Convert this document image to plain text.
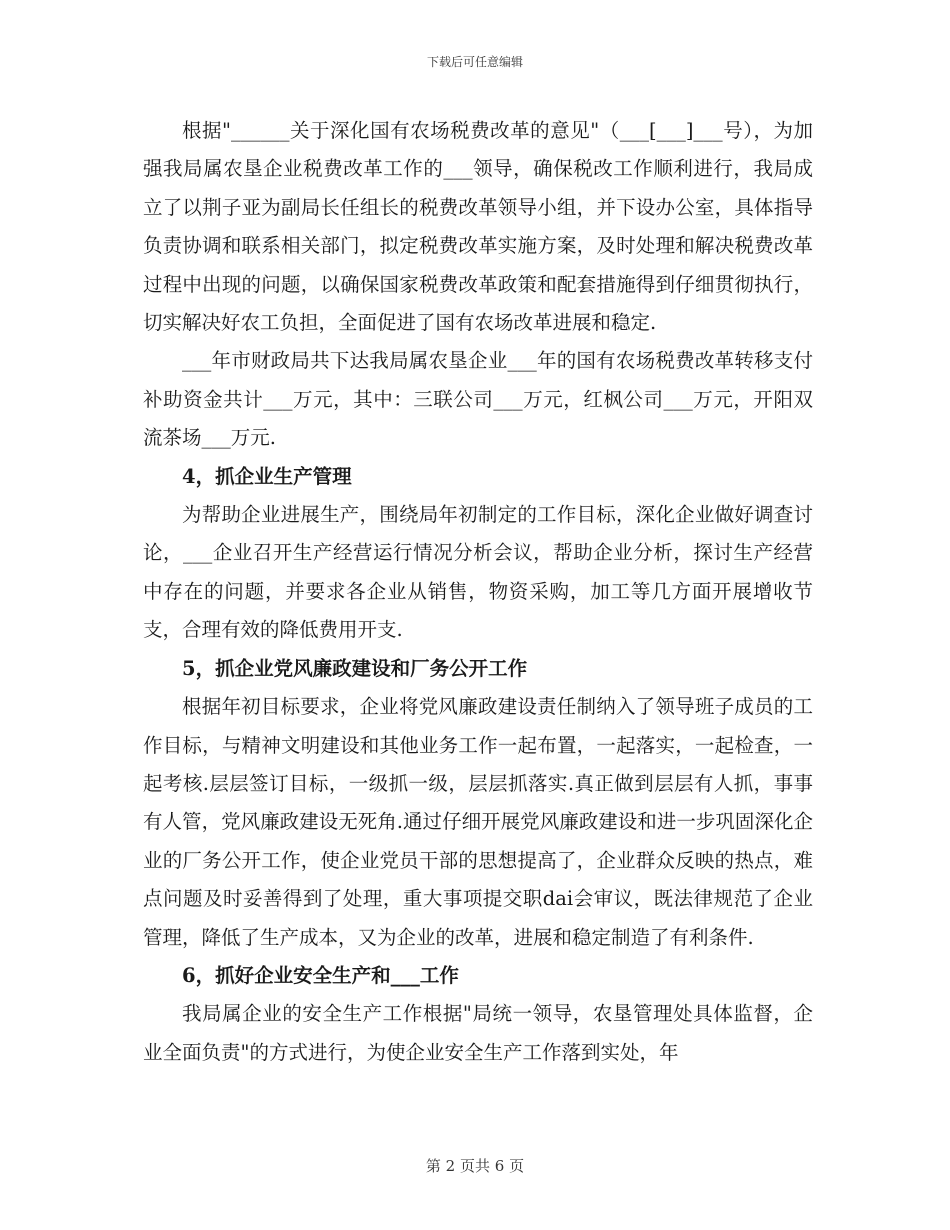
下载后可任意编辑

根据"______关于深化国有农场税费改革的意见"（___[___]___号），为加强我局属农垦企业税费改革工作的___领导，确保税改工作顺利进行，我局成立了以荆子亚为副局长任组长的税费改革领导小组，并下设办公室，具体指导负责协调和联系相关部门，拟定税费改革实施方案，及时处理和解决税费改革过程中出现的问题，以确保国家税费改革政策和配套措施得到仔细贯彻执行，切实解决好农工负担，全面促进了国有农场改革进展和稳定.

___年市财政局共下达我局属农垦企业___年的国有农场税费改革转移支付补助资金共计___万元，其中：三联公司___万元，红枫公司___万元，开阳双流茶场___万元.

4，抓企业生产管理

为帮助企业进展生产，围绕局年初制定的工作目标，深化企业做好调查讨论，___企业召开生产经营运行情况分析会议，帮助企业分析，探讨生产经营中存在的问题，并要求各企业从销售，物资采购，加工等几方面开展增收节支，合理有效的降低费用开支.

5，抓企业党风廉政建设和厂务公开工作

根据年初目标要求，企业将党风廉政建设责任制纳入了领导班子成员的工作目标，与精神文明建设和其他业务工作一起布置，一起落实，一起检查，一起考核.层层签订目标，一级抓一级，层层抓落实.真正做到层层有人抓，事事有人管，党风廉政建设无死角.通过仔细开展党风廉政建设和进一步巩固深化企业的厂务公开工作，使企业党员干部的思想提高了，企业群众反映的热点，难点问题及时妥善得到了处理，重大事项提交职dai会审议，既法律规范了企业管理，降低了生产成本，又为企业的改革，进展和稳定制造了有利条件.

6，抓好企业安全生产和___工作

我局属企业的安全生产工作根据"局统一领导，农垦管理处具体监督，企业全面负责"的方式进行，为使企业安全生产工作落到实处，年

第 2 页共 6 页
